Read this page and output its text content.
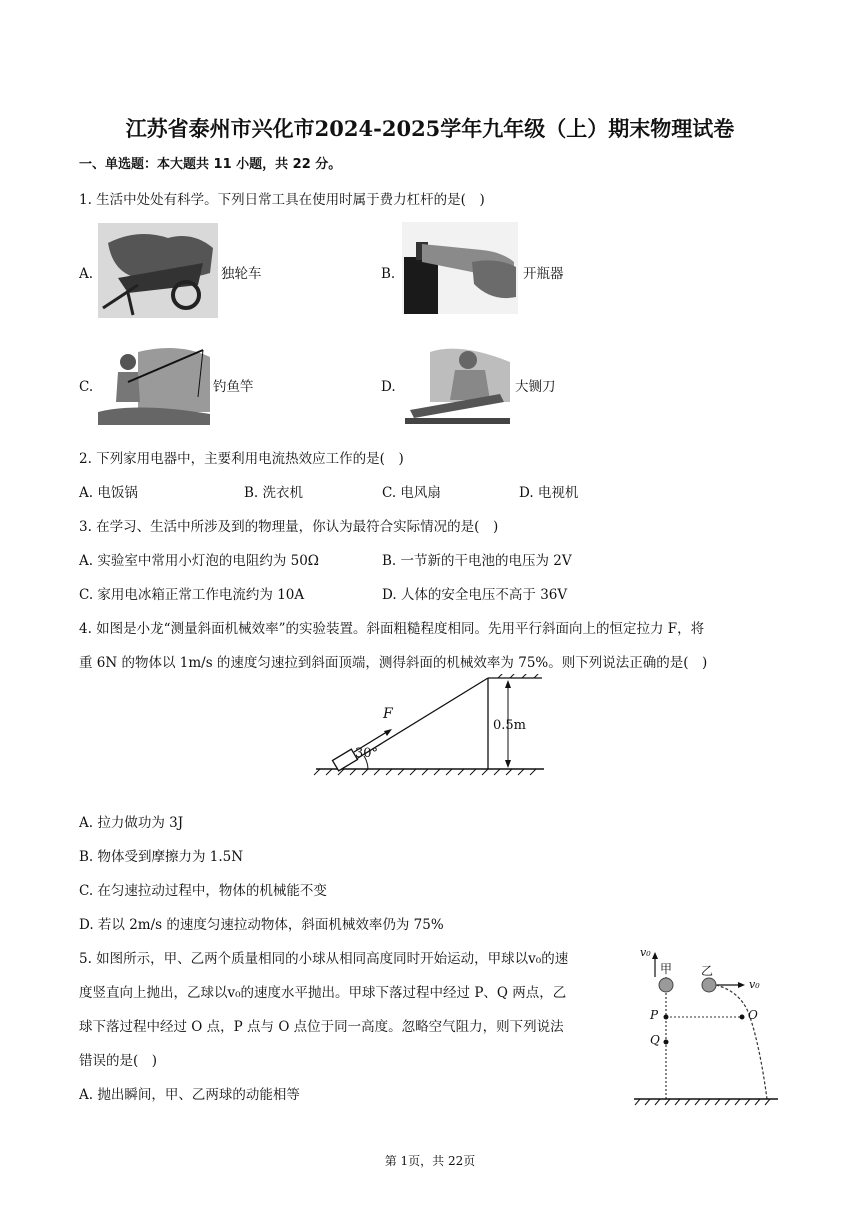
江苏省泰州市兴化市2024-2025学年九年级（上）期末物理试卷
一、单选题：本大题共 11 小题，共 22 分。
1. 生活中处处有科学。下列日常工具在使用时属于费力杠杆的是(　)
A.	独轮车	B.	开瓶器
C.	钓鱼竿	D.	大铡刀
2. 下列家用电器中，主要利用电流热效应工作的是(　)
A. 电饭锅	B. 洗衣机	C. 电风扇	D. 电视机
3. 在学习、生活中所涉及到的物理量，你认为最符合实际情况的是(　)
A. 实验室中常用小灯泡的电阻约为 50Ω	B. 一节新的干电池的电压为 2V
C. 家用电冰箱正常工作电流约为 10A	D. 人体的安全电压不高于 36V
4. 如图是小龙“测量斜面机械效率”的实验装置。斜面粗糙程度相同。先用平行斜面向上的恒定拉力 F，将
重 6N 的物体以 1m/s 的速度匀速拉到斜面顶端，测得斜面的机械效率为 75%。则下列说法正确的是(　)
F
30°
0.5m
A. 拉力做功为 3J
B. 物体受到摩擦力为 1.5N
C. 在匀速拉动过程中，物体的机械能不变
D. 若以 2m/s 的速度匀速拉动物体，斜面机械效率仍为 75%
5. 如图所示，甲、乙两个质量相同的小球从相同高度同时开始运动，甲球以v₀的速
度竖直向上抛出，乙球以v₀的速度水平抛出。甲球下落过程中经过 P、Q 两点，乙
球下落过程中经过 O 点，P 点与 O 点位于同一高度。忽略空气阻力，则下列说法
错误的是(　)
A. 抛出瞬间，甲、乙两球的动能相等
v₀
甲 乙
v₀
P	O
Q
第 1页，共 22页
